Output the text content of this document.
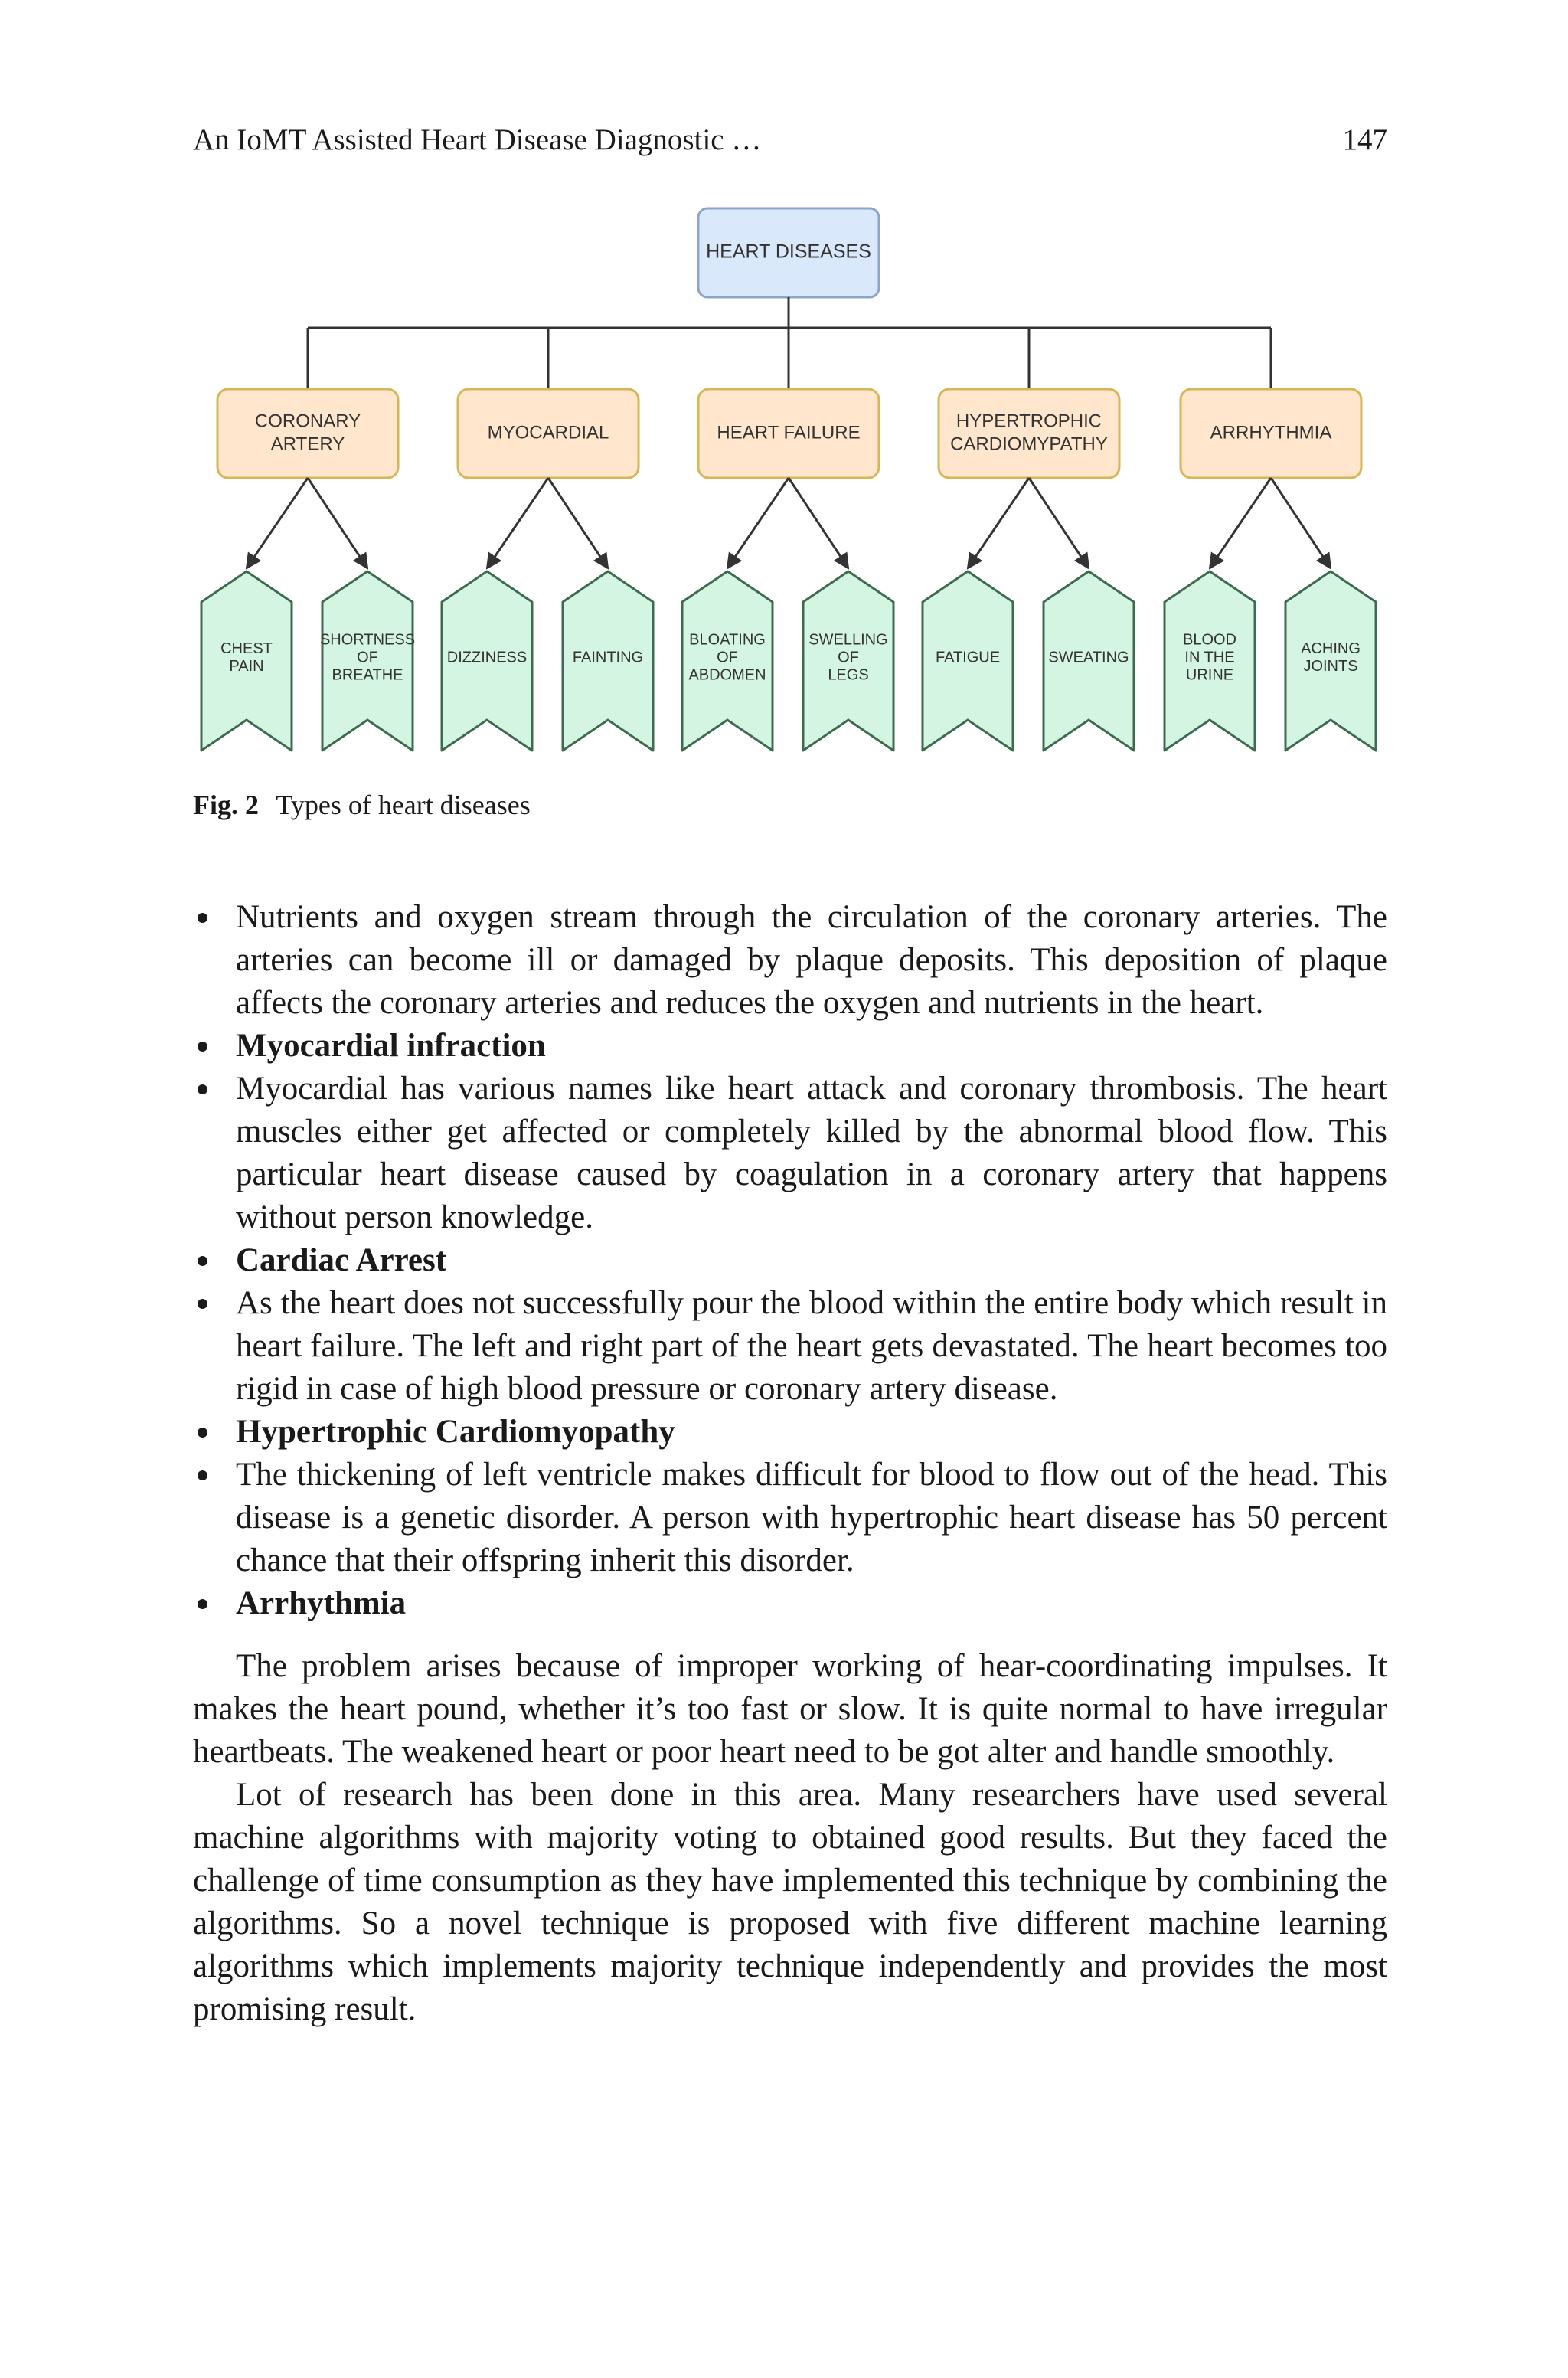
An IoMT Assisted Heart Disease Diagnostic …	147
HEART DISEASES
CORONARY
ARTERY
CHEST
PAIN
SHORTNESS
OF
BREATHE
MYOCARDIAL
DIZZINESS	FAINTING
HEART FAILURE
BLOATING
OF
ABDOMEN
SWELLING
OF
LEGS
HYPERTROPHIC
CARDIOMYPATHY
FATIGUE	SWEATING
ARRHYTHMIA
BLOOD
IN THE
URINE
ACHING
JOINTS
Fig. 2 Types of heart diseases
Nutrients and oxygen stream through the circulation of the coronary arteries. The arteries can become ill or damaged by plaque deposits. This deposition of plaque affects the coronary arteries and reduces the oxygen and nutrients in the heart.
Myocardial infraction
Myocardial has various names like heart attack and coronary thrombosis. The heart muscles either get affected or completely killed by the abnormal blood flow. This particular heart disease caused by coagulation in a coronary artery that happens without person knowledge.
Cardiac Arrest
As the heart does not successfully pour the blood within the entire body which result in heart failure. The left and right part of the heart gets devastated. The heart becomes too rigid in case of high blood pressure or coronary artery disease.
Hypertrophic Cardiomyopathy
The thickening of left ventricle makes difficult for blood to flow out of the head. This disease is a genetic disorder. A person with hypertrophic heart disease has 50 percent chance that their offspring inherit this disorder.
Arrhythmia

The problem arises because of improper working of hear-coordinating impulses. It makes the heart pound, whether it’s too fast or slow. It is quite normal to have irregular heartbeats. The weakened heart or poor heart need to be got alter and handle smoothly.

Lot of research has been done in this area. Many researchers have used several machine algorithms with majority voting to obtained good results. But they faced the challenge of time consumption as they have implemented this technique by combining the algorithms. So a novel technique is proposed with five different machine learning algorithms which implements majority technique independently and provides the most promising result.
